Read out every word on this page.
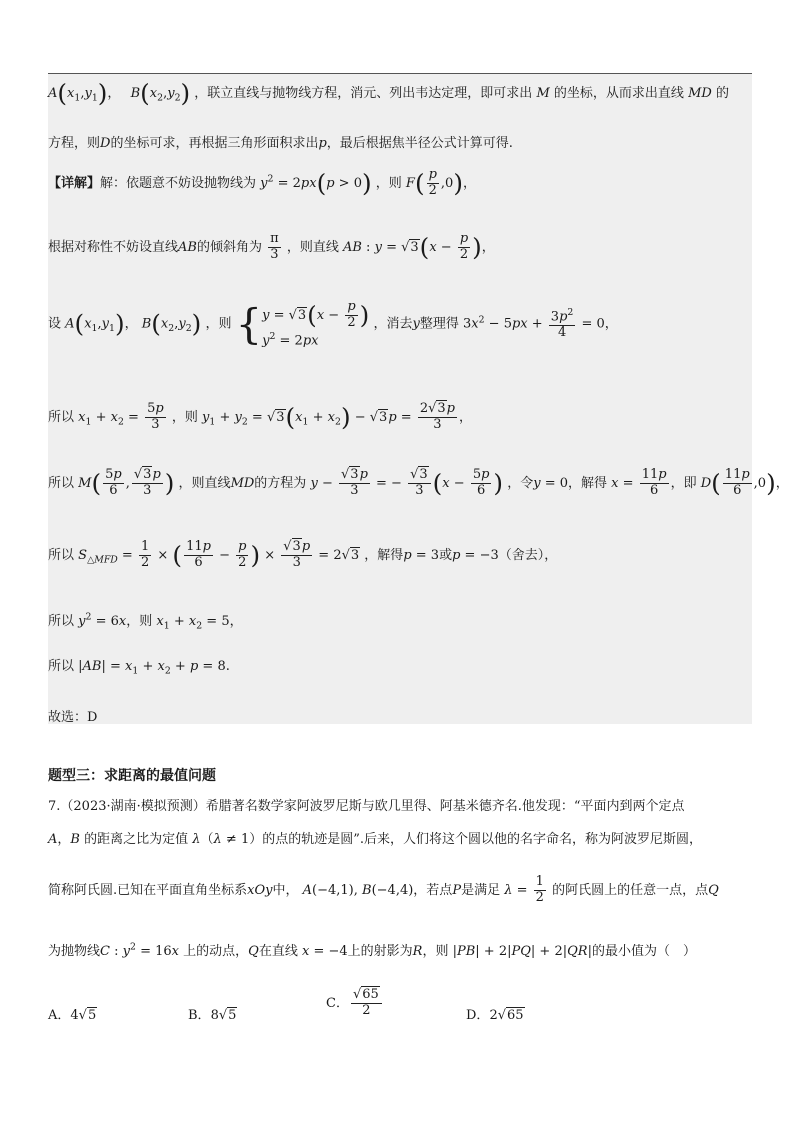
$A(x_1,y_1)$， $B(x_2,y_2)$ ，联立直线与抛物线方程，消元、列出韦达定理，即可求出 M 的坐标，从而求出直线 MD 的
方程，则D的坐标可求，再根据三角形面积求出p，最后根据焦半径公式计算可得.
【详解】解：依题意不妨设抛物线为 $y^2 = 2px(p > 0)$ ，则 $F( \frac{p}{2} ,0)$，
根据对称性不妨设直线AB的倾斜角为 $\frac{\pi}{3}$ ，则直线 AB : $y = √3(x - \frac{p}{2}$ )，
设 $A(x_1,y_1)$， $B(x_2,y_2)$ ，则 { $y = √3(x - \frac{p}{2}$ )
$y^2 = 2px$
，消去y整理得 $3x^2 - 5px + \frac{3p^2}{4} = 0$，
所以 $x_1 + x_2 = \frac{5p}{3}$ ，则 $y_1 + y_2 = √3(x_1 + x_2) - √3p = \frac{2√3p}{3}$ ，
所以 $M( \frac{5p}{6}$ , $\frac{√3p}{3}$ ) ，则直线MD的方程为 $y - \frac{√3p}{3}$ = − $\frac{√3}{3} (x - \frac{5p}{6}$ ) ，令y = 0，解得 $x = \frac{11p}{6}$ ，即 $D( \frac{11p}{6} ,0)$，
所以 $S_{\triangle MFD} = \frac{1}{2}$ × ( $\frac{11p}{6} - \frac{p}{2}$ ) × $\frac{√3p}{3} = 2√3$ ，解得p = 3或p = −3（舍去），
所以 $y^2 = 6x$，则 $x_1 + x_2 = 5$，
所以 $|AB| = x_1 + x_2 + p = 8$.
故选：D
题型三：求距离的最值问题
7.（2023·湖南·模拟预测）希腊著名数学家阿波罗尼斯与欧几里得、阿基米德齐名.他发现：“平面内到两个定点
A，B 的距离之比为定值 λ（λ ≠ 1）的点的轨迹是圆”.后来，人们将这个圆以他的名字命名，称为阿波罗尼斯圆，
简称阿氏圆.已知在平面直角坐标系xOy中， A(−4,1), B(−4,4)，若点P是满足 $\lambda = \frac{1}{2}$ 的阿氏圆上的任意一点，点Q
为抛物线C : $y^2 = 16x$ 上的动点，Q在直线 x = −4上的射影为R，则 |PB| + 2|PQ| + 2|QR|的最小值为（　）
A．4√5	B．8√5
C． $\frac{√65}{2}$	D．2√65
